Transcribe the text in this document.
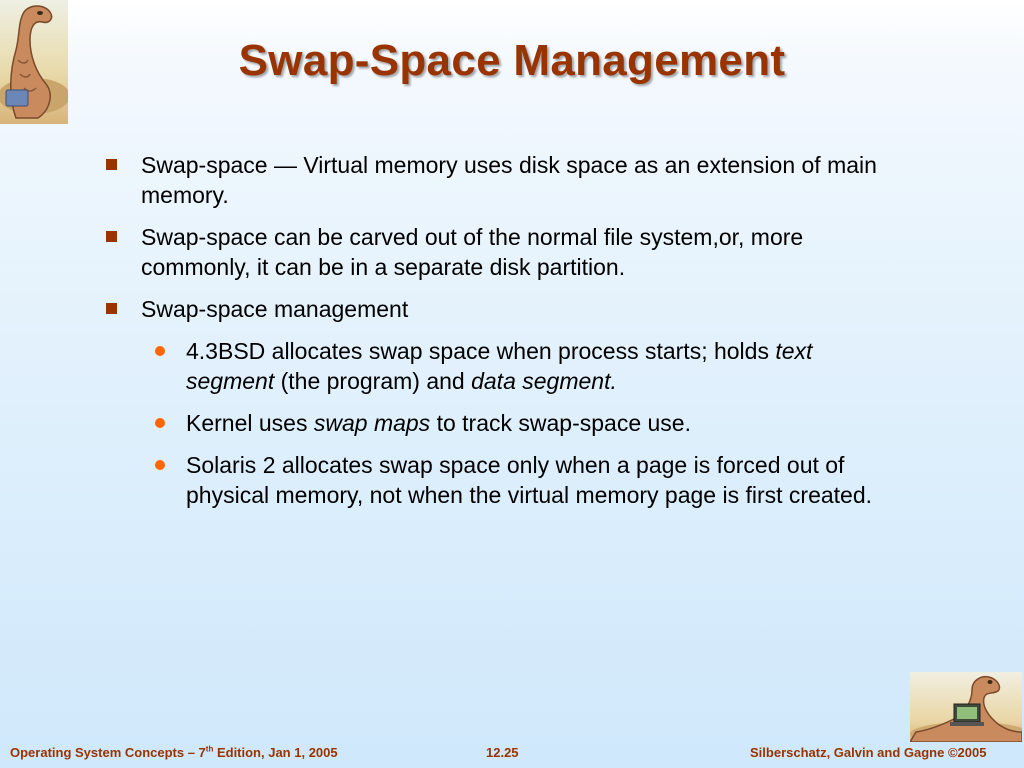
Swap-Space Management
Swap-space — Virtual memory uses disk space as an extension of main memory.
Swap-space can be carved out of the normal file system,or, more commonly, it can be in a separate disk partition.
Swap-space management
4.3BSD allocates swap space when process starts; holds text segment (the program) and data segment.
Kernel uses swap maps to track swap-space use.
Solaris 2 allocates swap space only when a page is forced out of physical memory, not when the virtual memory page is first created.
Operating System Concepts – 7th Edition, Jan 1, 2005	12.25	Silberschatz, Galvin and Gagne ©2005
